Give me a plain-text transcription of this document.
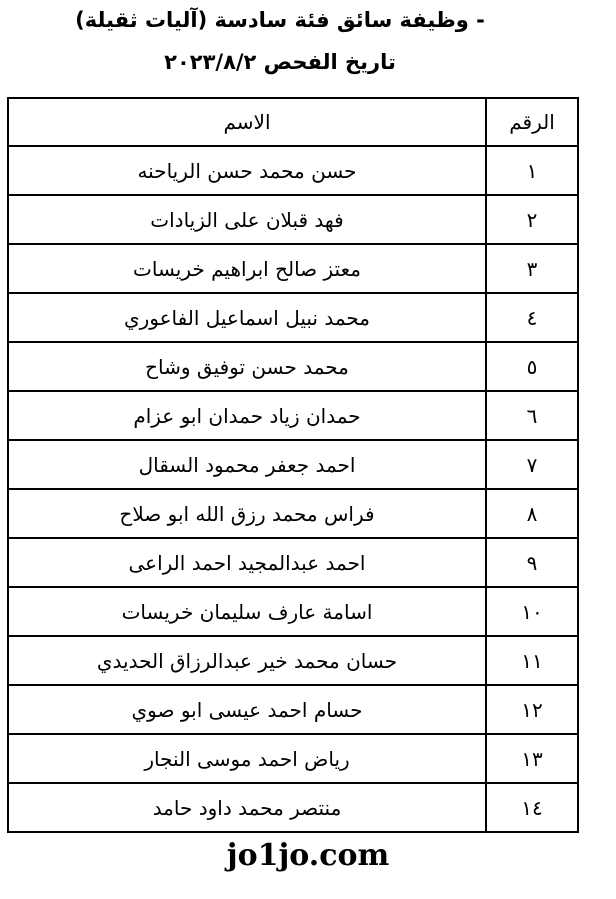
- وظيفة سائق فئة سادسة (آليات ثقيلة)
تاريخ الفحص ٢٠٢٣/٨/٢
الرقم	الاسم
١	حسن محمد حسن الرياحنه
٢	فهد قبلان على الزيادات
٣	معتز صالح ابراهيم خريسات
٤	محمد نبيل اسماعيل الفاعوري
٥	محمد حسن توفيق وشاح
٦	حمدان زياد حمدان ابو عزام
٧	احمد جعفر محمود السقال
٨	فراس محمد رزق الله ابو صلاح
٩	احمد عبدالمجيد احمد الراعى
١٠	اسامة عارف سليمان خريسات
١١	حسان محمد خير عبدالرزاق الحديدي
١٢	حسام احمد عيسى ابو صوي
١٣	رياض احمد موسى النجار
١٤	منتصر محمد داود حامد
jo1jo.com
